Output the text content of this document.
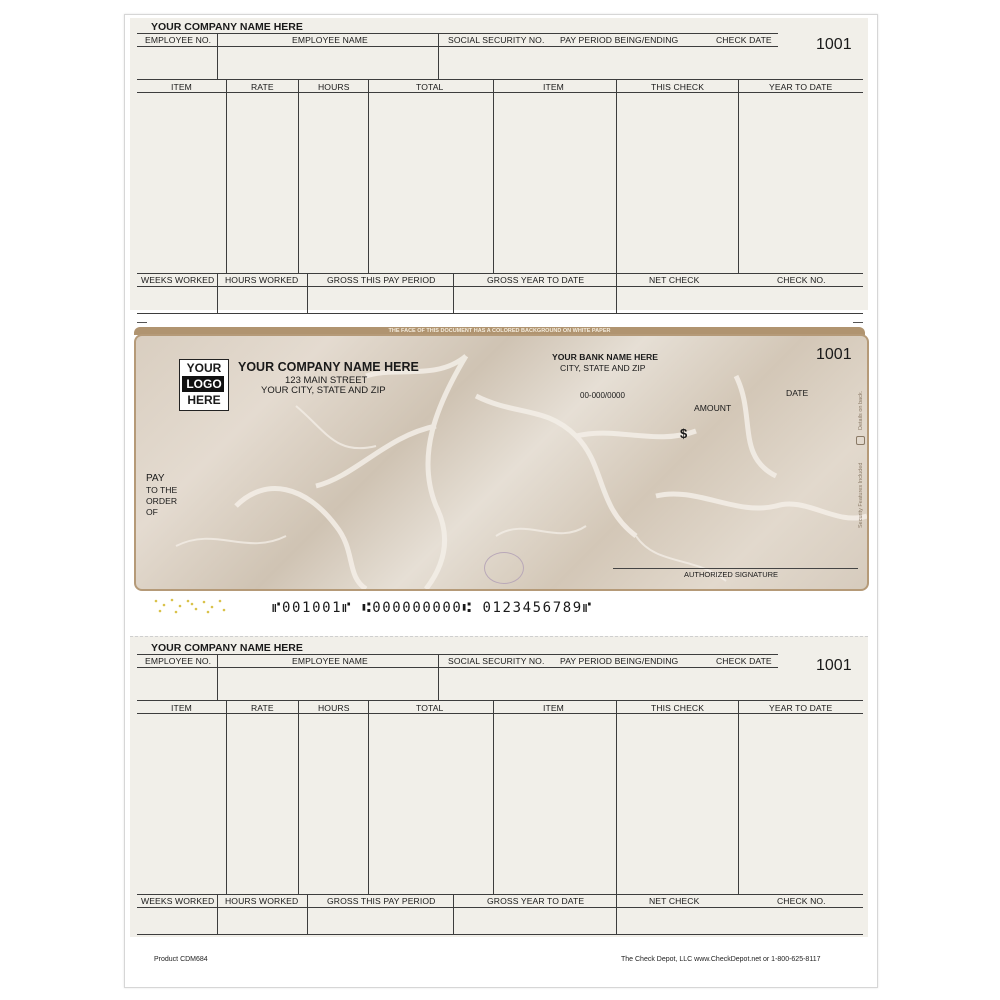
YOUR COMPANY NAME HERE
1001
EMPLOYEE NO.	EMPLOYEE NAME	SOCIAL SECURITY NO. PAY PERIOD BEING/ENDING	CHECK DATE
ITEM	RATE	HOURS	TOTAL	ITEM	THIS CHECK	YEAR TO DATE
WEEKS WORKED HOURS WORKED	GROSS THIS PAY PERIOD	GROSS YEAR TO DATE	NET CHECK	CHECK NO.
THE FACE OF THIS DOCUMENT HAS A COLORED BACKGROUND ON WHITE PAPER
Security Features Included
Details on back.
YOUR
LOGO
HERE
YOUR COMPANY NAME HERE
123 MAIN STREET
YOUR CITY, STATE AND ZIP
YOUR BANK NAME HERE
CITY, STATE AND ZIP
00-000/0000
1001
DATE
AMOUNT
$
PAY
TO THE
ORDER
OF
AUTHORIZED SIGNATURE
⑈001001⑈ ⑆000000000⑆ 0123456789⑈
YOUR COMPANY NAME HERE
1001
EMPLOYEE NO.	EMPLOYEE NAME	SOCIAL SECURITY NO. PAY PERIOD BEING/ENDING	CHECK DATE
ITEM	RATE	HOURS	TOTAL	ITEM	THIS CHECK	YEAR TO DATE
WEEKS WORKED HOURS WORKED	GROSS THIS PAY PERIOD	GROSS YEAR TO DATE	NET CHECK	CHECK NO.
Product CDM684	The Check Depot, LLC www.CheckDepot.net or 1-800-625-8117
